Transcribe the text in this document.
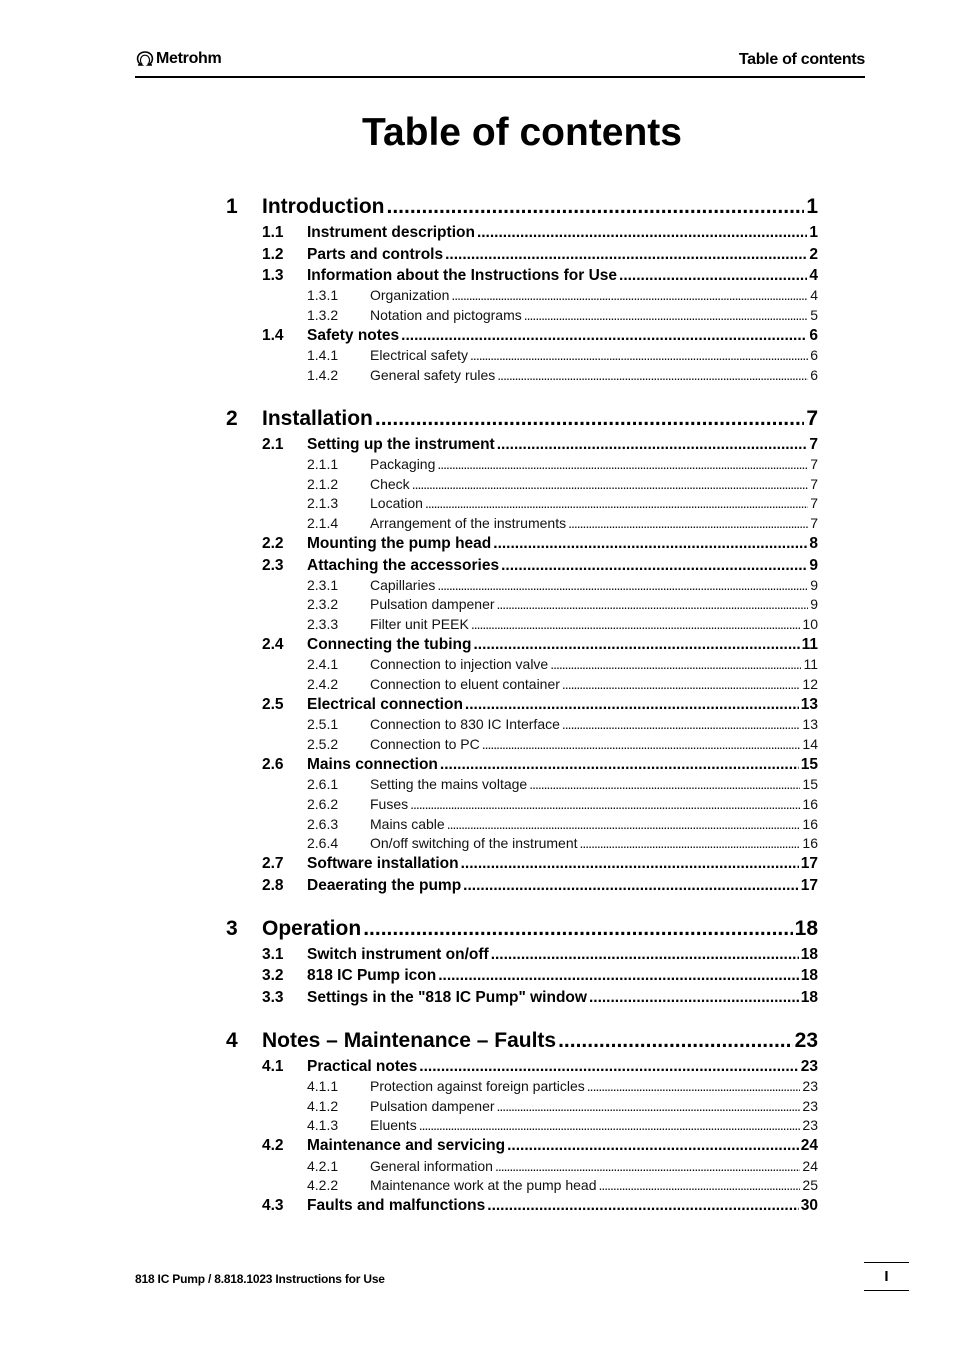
Metrohm	Table of contents
Table of contents
1	Introduction .....	1
1.1	Instrument description .....	1
1.2	Parts and controls .....	2
1.3	Information about the Instructions for Use .....	4
1.3.1	Organization .....	4
1.3.2	Notation and pictograms .....	5
1.4	Safety notes .....	6
1.4.1	Electrical safety .....	6
1.4.2	General safety rules .....	6
2	Installation .....	7
2.1	Setting up the instrument .....	7
2.1.1	Packaging .....	7
2.1.2	Check .....	7
2.1.3	Location .....	7
2.1.4	Arrangement of the instruments .....	7
2.2	Mounting the pump head .....	8
2.3	Attaching the accessories .....	9
2.3.1	Capillaries .....	9
2.3.2	Pulsation dampener .....	9
2.3.3	Filter unit PEEK .....	10
2.4	Connecting the tubing .....	11
2.4.1	Connection to injection valve .....	11
2.4.2	Connection to eluent container .....	12
2.5	Electrical connection .....	13
2.5.1	Connection to 830 IC Interface .....	13
2.5.2	Connection to PC .....	14
2.6	Mains connection .....	15
2.6.1	Setting the mains voltage .....	15
2.6.2	Fuses .....	16
2.6.3	Mains cable .....	16
2.6.4	On/off switching of the instrument .....	16
2.7	Software installation .....	17
2.8	Deaerating the pump .....	17
3	Operation .....	18
3.1	Switch instrument on/off .....	18
3.2	818 IC Pump icon .....	18
3.3	Settings in the "818 IC Pump" window .....	18
4	Notes – Maintenance – Faults .....	23
4.1	Practical notes .....	23
4.1.1	Protection against foreign particles .....	23
4.1.2	Pulsation dampener .....	23
4.1.3	Eluents .....	23
4.2	Maintenance and servicing .....	24
4.2.1	General information .....	24
4.2.2	Maintenance work at the pump head .....	25
4.3	Faults and malfunctions .....	30
818 IC Pump / 8.818.1023 Instructions for Use	I
